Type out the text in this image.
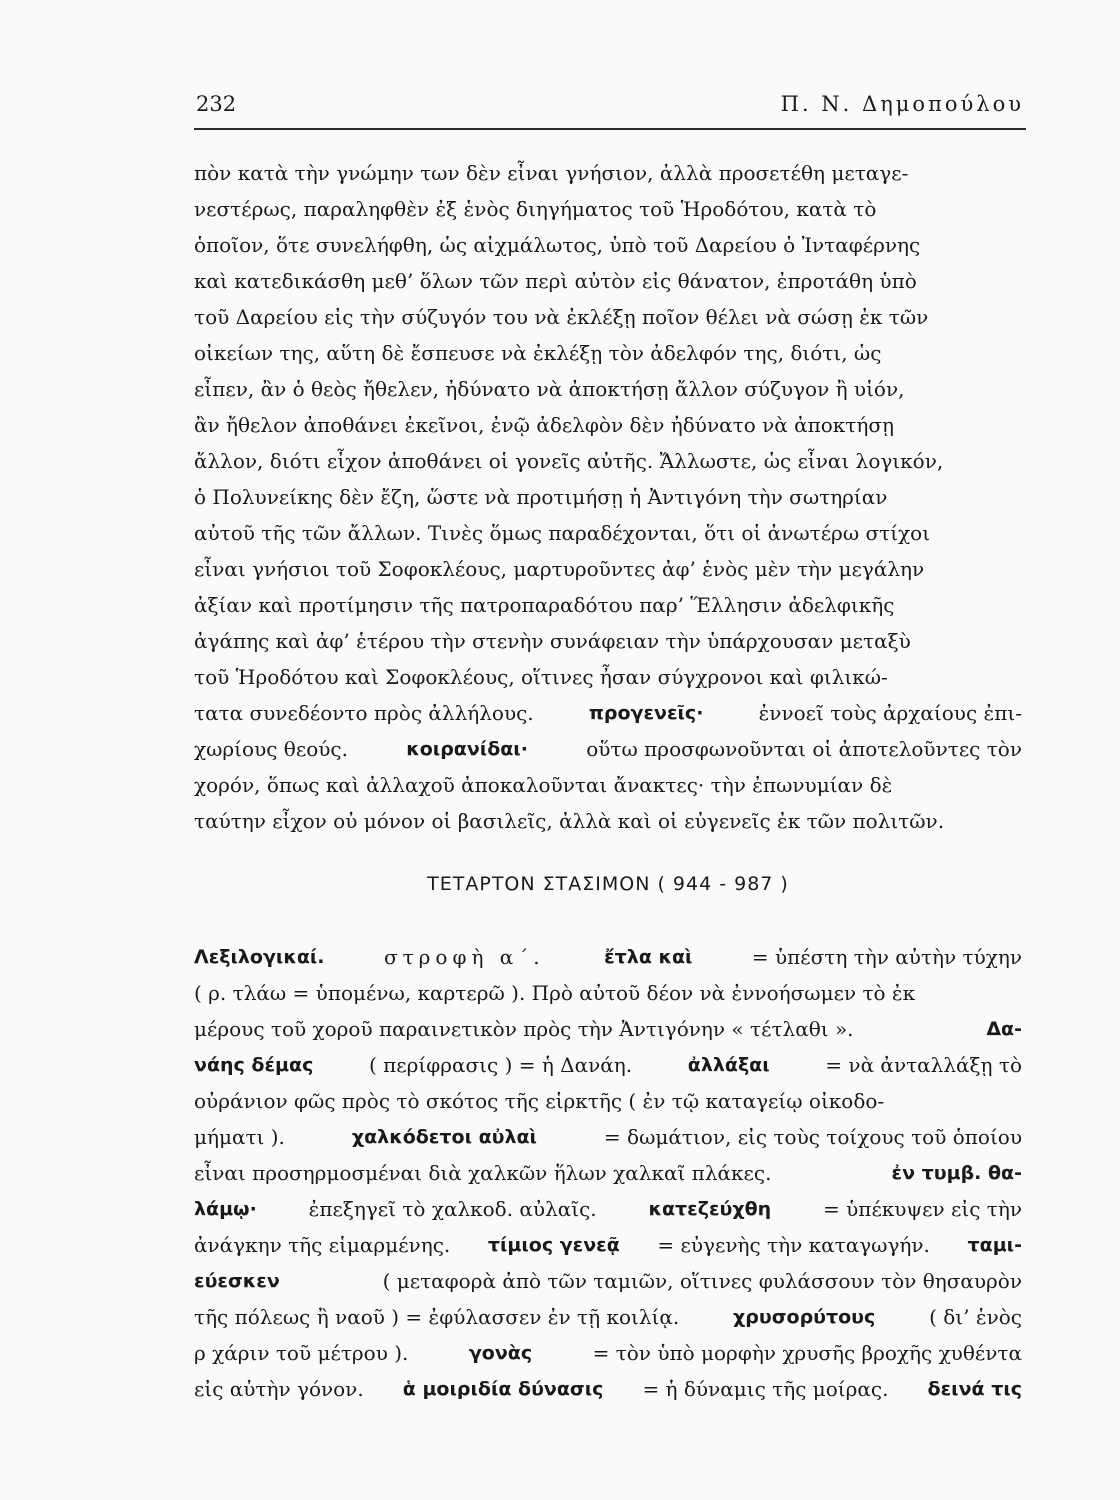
232	Π. Ν. Δημοπούλου
πὸν κατὰ τὴν γνώμην των δὲν εἶναι γνήσιον, ἀλλὰ προσετέθη μεταγε-
νεστέρως, παραληφθὲν ἐξ ἑνὸς διηγήματος τοῦ Ἡροδότου, κατὰ τὸ
ὁποῖον, ὅτε συνελήφθη, ὡς αἰχμάλωτος, ὑπὸ τοῦ Δαρείου ὁ Ἰνταφέρνης
καὶ κατεδικάσθη μεθ’ ὅλων τῶν περὶ αὐτὸν εἰς θάνατον, ἐπροτάθη ὑπὸ
τοῦ Δαρείου εἰς τὴν σύζυγόν του νὰ ἐκλέξῃ ποῖον θέλει νὰ σώσῃ ἐκ τῶν
οἰκείων της, αὕτη δὲ ἔσπευσε νὰ ἐκλέξῃ τὸν ἀδελφόν της, διότι, ὡς
εἶπεν, ἂν ὁ θεὸς ἤθελεν, ἠδύνατο νὰ ἀποκτήσῃ ἄλλον σύζυγον ἢ υἱόν,
ἂν ἤθελον ἀποθάνει ἐκεῖνοι, ἐνῷ ἀδελφὸν δὲν ἠδύνατο νὰ ἀποκτήσῃ
ἄλλον, διότι εἶχον ἀποθάνει οἱ γονεῖς αὐτῆς. Ἄλλωστε, ὡς εἶναι λογικόν,
ὁ Πολυνείκης δὲν ἔζη, ὥστε νὰ προτιμήσῃ ἡ Ἀντιγόνη τὴν σωτηρίαν
αὐτοῦ τῆς τῶν ἄλλων. Τινὲς ὅμως παραδέχονται, ὅτι οἱ ἀνωτέρω στίχοι
εἶναι γνήσιοι τοῦ Σοφοκλέους, μαρτυροῦντες ἀφ’ ἑνὸς μὲν τὴν μεγάλην
ἀξίαν καὶ προτίμησιν τῆς πατροπαραδότου παρ’ Ἕλλησιν ἀδελφικῆς
ἀγάπης καὶ ἀφ’ ἑτέρου τὴν στενὴν συνάφειαν τὴν ὑπάρχουσαν μεταξὺ
τοῦ Ἡροδότου καὶ Σοφοκλέους, οἵτινες ἦσαν σύγχρονοι καὶ φιλικώ-
τατα συνεδέοντο πρὸς ἀλλήλους.	προγενεῖς·	ἐννοεῖ τοὺς ἀρχαίους ἐπι-
χωρίους θεούς.	κοιρανίδαι·	οὕτω προσφωνοῦνται οἱ ἀποτελοῦντες τὸν
χορόν, ὅπως καὶ ἀλλαχοῦ ἀποκαλοῦνται ἄνακτες· τὴν ἐπωνυμίαν δὲ
ταύτην εἶχον οὐ μόνον οἱ βασιλεῖς, ἀλλὰ καὶ οἱ εὐγενεῖς ἐκ τῶν πολιτῶν.
ΤΕΤΑΡΤΟΝ ΣΤΑΣΙΜΟΝ ( 944 - 987 )
Λεξιλογικαί.	στροφὴ α΄.	ἔτλα καὶ	= ὑπέστη τὴν αὐτὴν τύχην
( ρ. τλάω = ὑπομένω, καρτερῶ ). Πρὸ αὐτοῦ δέον νὰ ἐννοήσωμεν τὸ ἐκ
μέρους τοῦ χοροῦ παραινετικὸν πρὸς τὴν Ἀντιγόνην « τέτλαθι ».	Δα-
νάης δέμας	( περίφρασις ) = ἡ Δανάη.	ἀλλάξαι	= νὰ ἀνταλλάξῃ τὸ
οὐράνιον φῶς πρὸς τὸ σκότος τῆς εἱρκτῆς ( ἐν τῷ καταγείῳ οἰκοδο-
μήματι ).	χαλκόδετοι αὐλαὶ	= δωμάτιον, εἰς τοὺς τοίχους τοῦ ὁποίου
εἶναι προσηρμοσμέναι διὰ χαλκῶν ἥλων χαλκαῖ πλάκες.	ἐν τυμβ. θα-
λάμῳ·	ἐπεξηγεῖ τὸ χαλκοδ. αὐλαῖς.	κατεζεύχθη	= ὑπέκυψεν εἰς τὴν
ἀνάγκην τῆς εἱμαρμένης. τίμιος γενεᾷ = εὐγενὴς τὴν καταγωγήν. ταμι-
εύεσκεν	( μεταφορὰ ἀπὸ τῶν ταμιῶν, οἵτινες φυλάσσουν τὸν θησαυρὸν
τῆς πόλεως ἢ ναοῦ ) = ἐφύλασσεν ἐν τῇ κοιλίᾳ.	χρυσορύτους	( δι’ ἑνὸς
ρ χάριν τοῦ μέτρου ).	γονὰς	= τὸν ὑπὸ μορφὴν χρυσῆς βροχῆς χυθέντα
εἰς αὐτὴν γόνον. ἁ μοιριδία δύνασις = ἡ δύναμις τῆς μοίρας. δεινά τις
